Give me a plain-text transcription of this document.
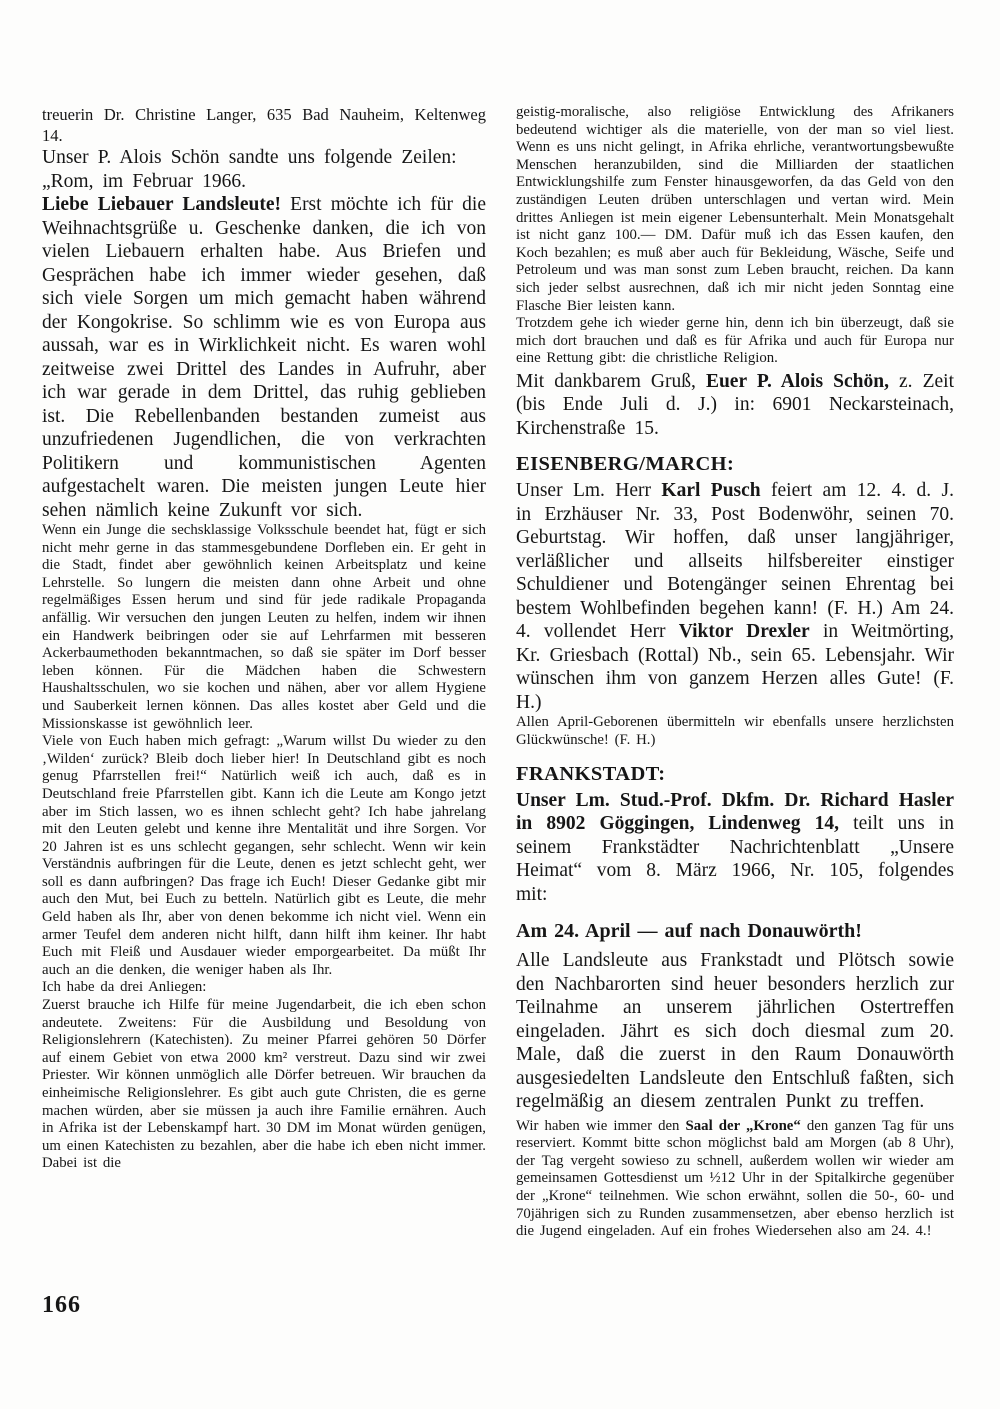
treuerin Dr. Christine Langer, 635 Bad Nauheim, Keltenweg 14.

Unser P. Alois Schön sandte uns folgende Zeilen:

„Rom, im Februar 1966.

Liebe Liebauer Landsleute! Erst möchte ich für die Weihnachtsgrüße u. Geschenke danken, die ich von vielen Liebauern erhalten habe. Aus Briefen und Gesprächen habe ich immer wieder gesehen, daß sich viele Sorgen um mich gemacht haben während der Kongokrise. So schlimm wie es von Europa aus aussah, war es in Wirklichkeit nicht. Es waren wohl zeitweise zwei Drittel des Landes in Aufruhr, aber ich war gerade in dem Drittel, das ruhig geblieben ist. Die Rebellenbanden bestanden zumeist aus unzufriedenen Jugendlichen, die von verkrachten Politikern und kommunistischen Agenten aufgestachelt waren. Die meisten jungen Leute hier sehen nämlich keine Zukunft vor sich.

Wenn ein Junge die sechsklassige Volksschule beendet hat, fügt er sich nicht mehr gerne in das stammesgebundene Dorfleben ein. Er geht in die Stadt, findet aber gewöhnlich keinen Arbeitsplatz und keine Lehrstelle. So lungern die meisten dann ohne Arbeit und ohne regelmäßiges Essen herum und sind für jede radikale Propaganda anfällig. Wir versuchen den jungen Leuten zu helfen, indem wir ihnen ein Handwerk beibringen oder sie auf Lehrfarmen mit besseren Ackerbaumethoden bekanntmachen, so daß sie später im Dorf besser leben können. Für die Mädchen haben die Schwestern Haushaltsschulen, wo sie kochen und nähen, aber vor allem Hygiene und Sauberkeit lernen können. Das alles kostet aber Geld und die Missionskasse ist gewöhnlich leer.

Viele von Euch haben mich gefragt: „Warum willst Du wieder zu den ‚Wilden‘ zurück? Bleib doch lieber hier! In Deutschland gibt es noch genug Pfarrstellen frei!“ Natürlich weiß ich auch, daß es in Deutschland freie Pfarrstellen gibt. Kann ich die Leute am Kongo jetzt aber im Stich lassen, wo es ihnen schlecht geht? Ich habe jahrelang mit den Leuten gelebt und kenne ihre Mentalität und ihre Sorgen. Vor 20 Jahren ist es uns schlecht gegangen, sehr schlecht. Wenn wir kein Verständnis aufbringen für die Leute, denen es jetzt schlecht geht, wer soll es dann aufbringen? Das frage ich Euch! Dieser Gedanke gibt mir auch den Mut, bei Euch zu betteln. Natürlich gibt es Leute, die mehr Geld haben als Ihr, aber von denen bekomme ich nicht viel. Wenn ein armer Teufel dem anderen nicht hilft, dann hilft ihm keiner. Ihr habt Euch mit Fleiß und Ausdauer wieder emporgearbeitet. Da müßt Ihr auch an die denken, die weniger haben als Ihr.

Ich habe da drei Anliegen:

Zuerst brauche ich Hilfe für meine Jugendarbeit, die ich eben schon andeutete. Zweitens: Für die Ausbildung und Besoldung von Religionslehrern (Katechisten). Zu meiner Pfarrei gehören 50 Dörfer auf einem Gebiet von etwa 2000 km² verstreut. Dazu sind wir zwei Priester. Wir können unmöglich alle Dörfer betreuen. Wir brauchen da einheimische Religionslehrer. Es gibt auch gute Christen, die es gerne machen würden, aber sie müssen ja auch ihre Familie ernähren. Auch in Afrika ist der Lebenskampf hart. 30 DM im Monat würden genügen, um einen Katechisten zu bezahlen, aber die habe ich eben nicht immer. Dabei ist die

geistig-moralische, also religiöse Entwicklung des Afrikaners bedeutend wichtiger als die materielle, von der man so viel liest. Wenn es uns nicht gelingt, in Afrika ehrliche, verantwortungsbewußte Menschen heranzubilden, sind die Milliarden der staatlichen Entwicklungshilfe zum Fenster hinausgeworfen, da das Geld von den zuständigen Leuten drüben unterschlagen und vertan wird. Mein drittes Anliegen ist mein eigener Lebensunterhalt. Mein Monatsgehalt ist nicht ganz 100.— DM. Dafür muß ich das Essen kaufen, den Koch bezahlen; es muß aber auch für Bekleidung, Wäsche, Seife und Petroleum und was man sonst zum Leben braucht, reichen. Da kann sich jeder selbst ausrechnen, daß ich mir nicht jeden Sonntag eine Flasche Bier leisten kann.

Trotzdem gehe ich wieder gerne hin, denn ich bin überzeugt, daß sie mich dort brauchen und daß es für Afrika und auch für Europa nur eine Rettung gibt: die christliche Religion.

Mit dankbarem Gruß, Euer P. Alois Schön, z. Zeit (bis Ende Juli d. J.) in: 6901 Neckarsteinach, Kirchenstraße 15.

EISENBERG/MARCH:

Unser Lm. Herr Karl Pusch feiert am 12. 4. d. J. in Erzhäuser Nr. 33, Post Bodenwöhr, seinen 70. Geburtstag. Wir hoffen, daß unser langjähriger, verläßlicher und allseits hilfsbereiter einstiger Schuldiener und Botengänger seinen Ehrentag bei bestem Wohlbefinden begehen kann! (F. H.) Am 24. 4. vollendet Herr Viktor Drexler in Weitmörting, Kr. Griesbach (Rottal) Nb., sein 65. Lebensjahr. Wir wünschen ihm von ganzem Herzen alles Gute! (F. H.)

Allen April-Geborenen übermitteln wir ebenfalls unsere herzlichsten Glückwünsche! (F. H.)

FRANKSTADT:

Unser Lm. Stud.-Prof. Dkfm. Dr. Richard Hasler in 8902 Göggingen, Lindenweg 14, teilt uns in seinem Frankstädter Nachrichtenblatt „Unsere Heimat“ vom 8. März 1966, Nr. 105, folgendes mit:

Am 24. April — auf nach Donauwörth!

Alle Landsleute aus Frankstadt und Plötsch sowie den Nachbarorten sind heuer besonders herzlich zur Teilnahme an unserem jährlichen Ostertreffen eingeladen. Jährt es sich doch diesmal zum 20. Male, daß die zuerst in den Raum Donauwörth ausgesiedelten Landsleute den Entschluß faßten, sich regelmäßig an diesem zentralen Punkt zu treffen.

Wir haben wie immer den Saal der „Krone“ den ganzen Tag für uns reserviert. Kommt bitte schon möglichst bald am Morgen (ab 8 Uhr), der Tag vergeht sowieso zu schnell, außerdem wollen wir wieder am gemeinsamen Gottesdienst um ½12 Uhr in der Spitalkirche gegenüber der „Krone“ teilnehmen. Wie schon erwähnt, sollen die 50-, 60- und 70jährigen sich zu Runden zusammensetzen, aber ebenso herzlich ist die Jugend eingeladen. Auf ein frohes Wiedersehen also am 24. 4.!

166
